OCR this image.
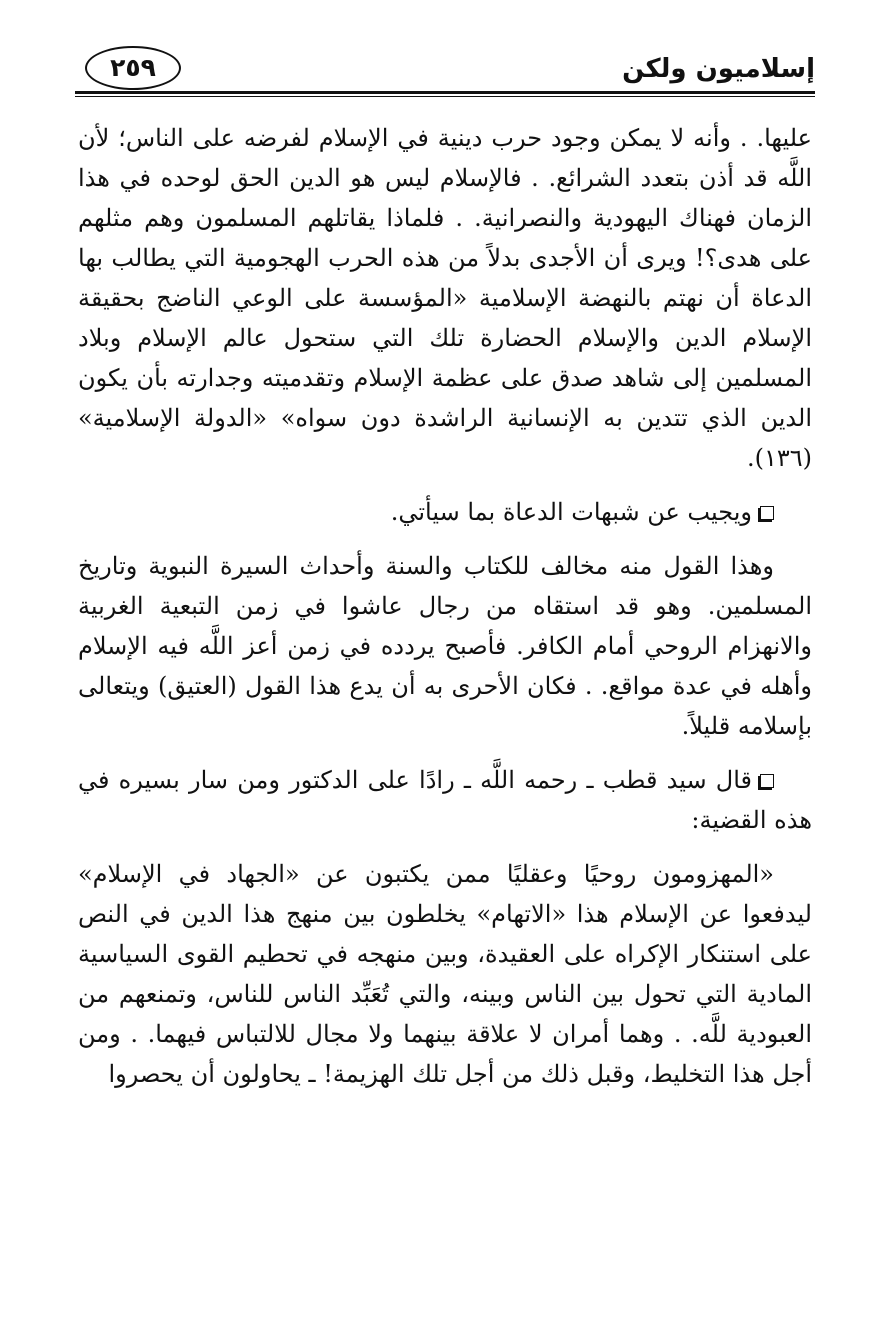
٢٥٩	إسلاميون ولكن

عليها. . وأنه لا يمكن وجود حرب دينية في الإسلام لفرضه على الناس؛ لأن اللَّه قد أذن بتعدد الشرائع. . فالإسلام ليس هو الدين الحق لوحده في هذا الزمان فهناك اليهودية والنصرانية. . فلماذا يقاتلهم المسلمون وهم مثلهم على هدى؟! ويرى أن الأجدى بدلاً من هذه الحرب الهجومية التي يطالب بها الدعاة أن نهتم بالنهضة الإسلامية «المؤسسة على الوعي الناضج بحقيقة الإسلام الدين والإسلام الحضارة تلك التي ستحول عالم الإسلام وبلاد المسلمين إلى شاهد صدق على عظمة الإسلام وتقدميته وجدارته بأن يكون الدين الذي تتدين به الإنسانية الراشدة دون سواه» «الدولة الإسلامية» (١٣٦).

ويجيب عن شبهات الدعاة بما سيأتي.

وهذا القول منه مخالف للكتاب والسنة وأحداث السيرة النبوية وتاريخ المسلمين. وهو قد استقاه من رجال عاشوا في زمن التبعية الغربية والانهزام الروحي أمام الكافر. فأصبح يردده في زمن أعز اللَّه فيه الإسلام وأهله في عدة مواقع. . فكان الأحرى به أن يدع هذا القول (العتيق) ويتعالى بإسلامه قليلاً.

قال سيد قطب ـ رحمه اللَّه ـ رادًا على الدكتور ومن سار بسيره في هذه القضية:

«المهزومون روحيًا وعقليًا ممن يكتبون عن «الجهاد في الإسلام» ليدفعوا عن الإسلام هذا «الاتهام» يخلطون بين منهج هذا الدين في النص على استنكار الإكراه على العقيدة، وبين منهجه في تحطيم القوى السياسية المادية التي تحول بين الناس وبينه، والتي تُعَبِّد الناس للناس، وتمنعهم من العبودية للَّه. . وهما أمران لا علاقة بينهما ولا مجال للالتباس فيهما. . ومن أجل هذا التخليط، وقبل ذلك من أجل تلك الهزيمة! ـ يحاولون أن يحصروا
